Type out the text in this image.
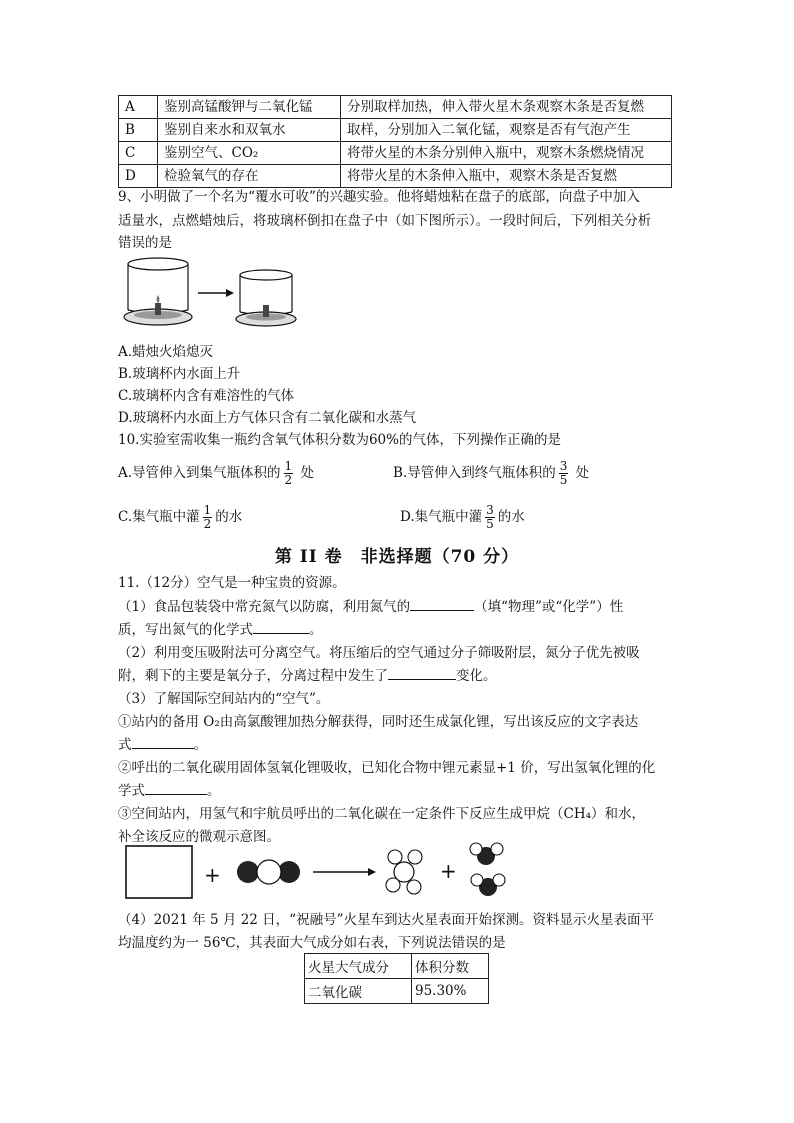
A	鉴别高锰酸钾与二氧化锰	分别取样加热，伸入带火星木条观察木条是否复燃
B	鉴别自来水和双氧水	取样，分别加入二氧化锰，观察是否有气泡产生
C	鉴别空气、CO₂	将带火星的木条分别伸入瓶中，观察木条燃烧情况
D	检验氧气的存在	将带火星的木条伸入瓶中，观察木条是否复燃
9、小明做了一个名为“覆水可收”的兴趣实验。他将蜡烛粘在盘子的底部，向盘子中加入
适量水，点燃蜡烛后，将玻璃杯倒扣在盘子中（如下图所示）。一段时间后，下列相关分析
错误的是
A.蜡烛火焰熄灭
B.玻璃杯内水面上升
C.玻璃杯内含有难溶性的气体
D.玻璃杯内水面上方气体只含有二氧化碳和水蒸气
10.实验室需收集一瓶约含氧气体积分数为60%的气体，下列操作正确的是
A.导管伸入到集气瓶体积的 $\frac{1}{2}$ 处	B.导管伸入到终气瓶体积的 $\frac{3}{5}$ 处
C.集气瓶中灌 $\frac{1}{2}$ 的水	D.集气瓶中灌 $\frac{3}{5}$ 的水
第 II 卷　非选择题（70 分）
11.（12分）空气是一种宝贵的资源。
（1）食品包装袋中常充氮气以防腐，利用氮气的	（填“物理”或“化学”）性
质，写出氮气的化学式	。
（2）利用变压吸附法可分离空气。将压缩后的空气通过分子筛吸附层，氮分子优先被吸
附，剩下的主要是氧分子，分离过程中发生了	变化。
（3）了解国际空间站内的“空气”。
①站内的备用 O₂由高氯酸锂加热分解获得，同时还生成氯化锂，写出该反应的文字表达
式	。
②呼出的二氧化碳用固体氢氧化锂吸收，已知化合物中锂元素显+1 价，写出氢氧化锂的化
学式	。
③空间站内，用氢气和宇航员呼出的二氧化碳在一定条件下反应生成甲烷（CH₄）和水，
补全该反应的微观示意图。
+	+
（4）2021 年 5 月 22 日，“祝融号”火星车到达火星表面开始探测。资料显示火星表面平
均温度约为一 56℃，其表面大气成分如右表，下列说法错误的是
火星大气成分	体积分数
二氧化碳	95.30%
